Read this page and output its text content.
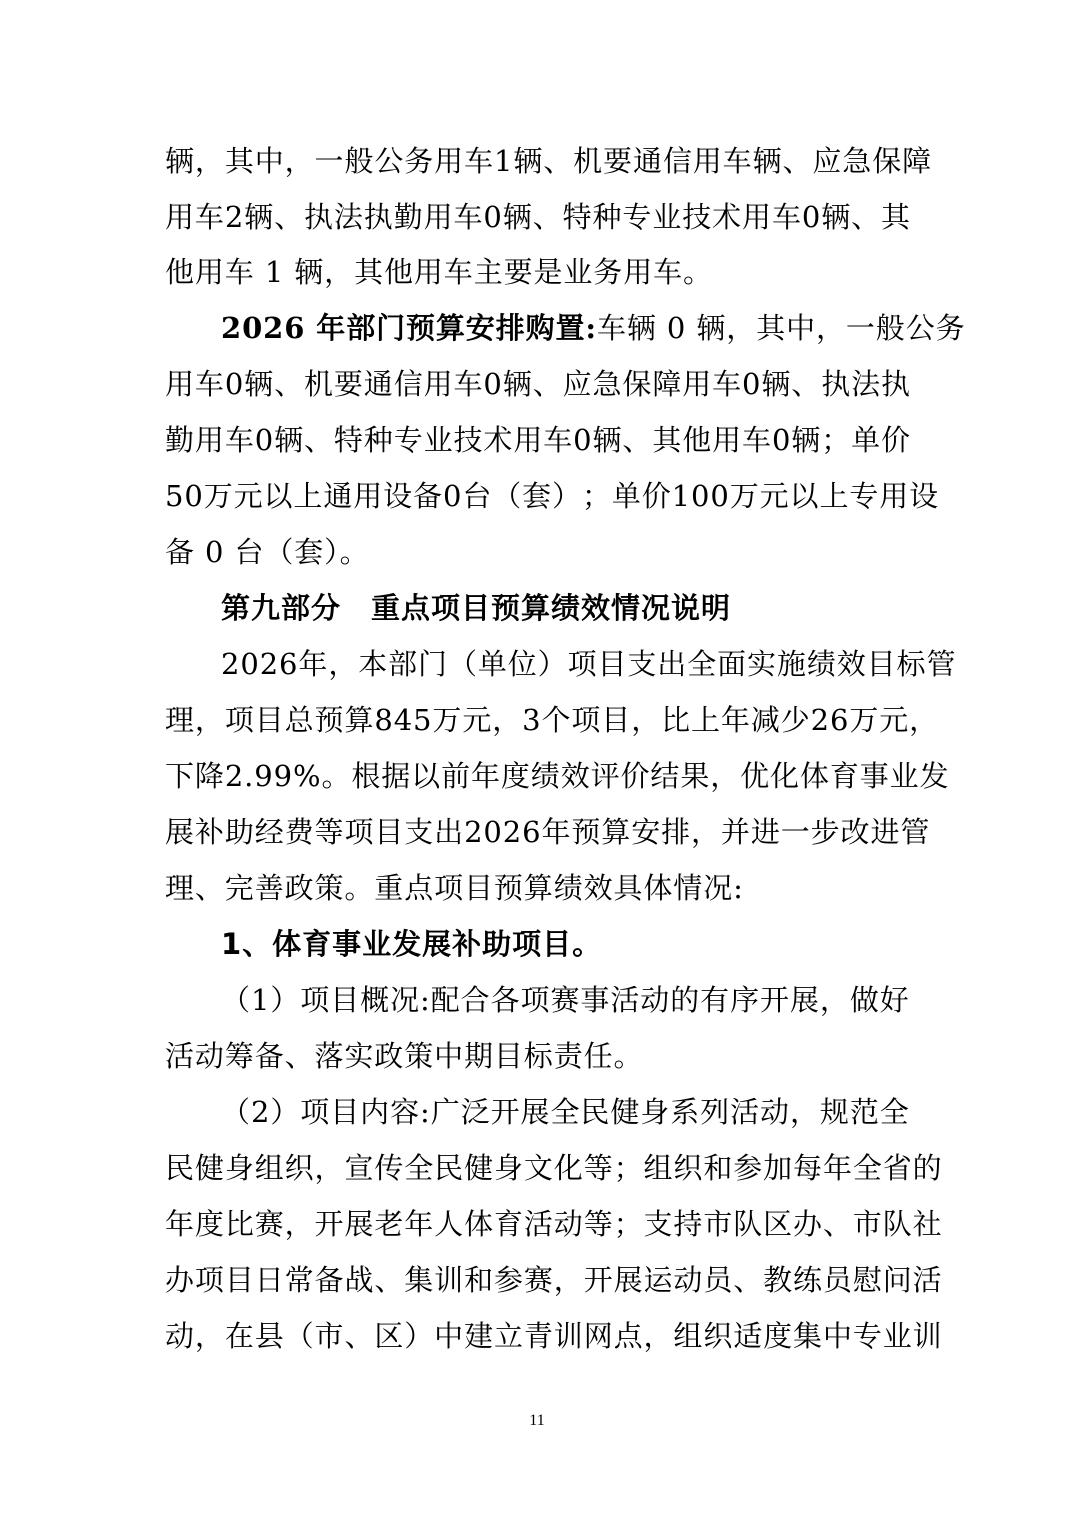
辆 ， 其 中 ， 一 般 公 务 用 车 1 辆 、 机 要 通 信 用 车 辆 、 应 急 保 障
用 车 2 辆 、 执 法 执 勤 用 车 0 辆 、 特 种 专 业 技 术 用 车 0 辆 、 其
他用车 1 辆，其他用车主要是业务用车。
2026 年部门预算安排购置: 车辆 0 辆，其中，一般公务
用 车 0 辆 、 机 要 通 信 用 车 0 辆 、 应 急 保 障 用 车 0 辆 、 执 法 执
勤 用 车 0 辆 、 特 种 专 业 技 术 用 车 0 辆 、 其 他 用 车 0 辆 ； 单 价
50 万 元 以 上 通 用 设 备 0 台 （ 套 ） ； 单 价 100 万 元 以 上 专 用 设
备 0 台（套）。
第九部分　重点项目预算绩效情况说明
2026 年 ， 本 部 门 （ 单 位 ） 项 目 支 出 全 面 实 施 绩 效 目 标 管
理 ， 项 目 总 预 算 845 万 元 ， 3 个 项 目 ， 比 上 年 减 少 26 万 元 ，
下 降 2.99% 。 根 据 以 前 年 度 绩 效 评 价 结 果 ， 优 化 体 育 事 业 发
展 补 助 经 费 等 项 目 支 出 2026 年 预 算 安 排 ， 并 进 一 步 改 进 管
理、完善政策。重点项目预算绩效具体情况:
1、体育事业发展补助项目。
（ 1 ） 项 目 概 况 : 配 合 各 项 赛 事 活 动 的 有 序 开 展 ， 做 好
活动筹备、落实政策中期目标责任。
（ 2 ） 项 目 内 容 : 广 泛 开 展 全 民 健 身 系 列 活 动 ， 规 范 全
民 健 身 组 织 ， 宣 传 全 民 健 身 文 化 等 ； 组 织 和 参 加 每 年 全 省 的
年 度 比 赛 ， 开 展 老 年 人 体 育 活 动 等 ； 支 持 市 队 区 办 、 市 队 社
办 项 目 日 常 备 战 、 集 训 和 参 赛 ， 开 展 运 动 员 、 教 练 员 慰 问 活
动 ， 在 县 （ 市 、 区 ） 中 建 立 青 训 网 点 ， 组 织 适 度 集 中 专 业 训
11
